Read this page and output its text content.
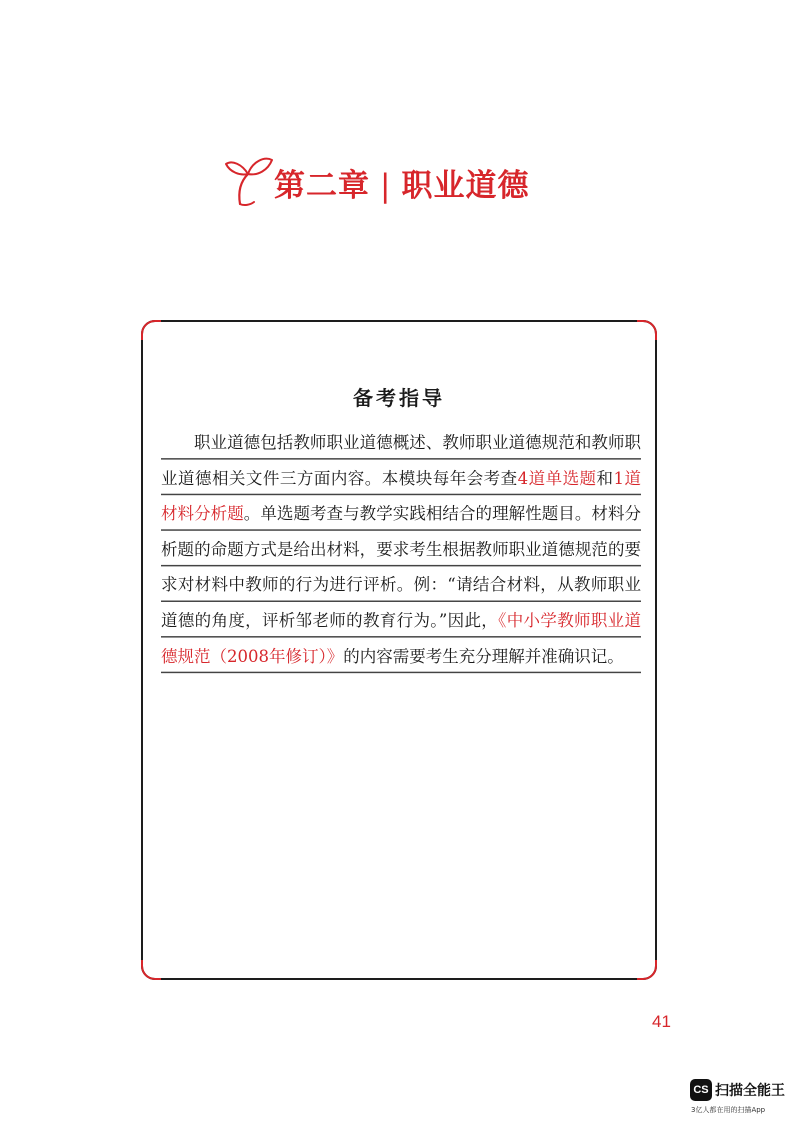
第二章 | 职业道德
备考指导

职业道德包括教师职业道德概述、教师职业道德规范和教师职业道德相关文件三方面内容。本模块每年会考查4道单选题和1道材料分析题。单选题考查与教学实践相结合的理解性题目。材料分析题的命题方式是给出材料，要求考生根据教师职业道德规范的要求对材料中教师的行为进行评析。例：“请结合材料，从教师职业道德的角度，评析邹老师的教育行为。”因此，《中小学教师职业道德规范（2008年修订）》的内容需要考生充分理解并准确识记。

41
CS 扫描全能王
3亿人都在用的扫描App
